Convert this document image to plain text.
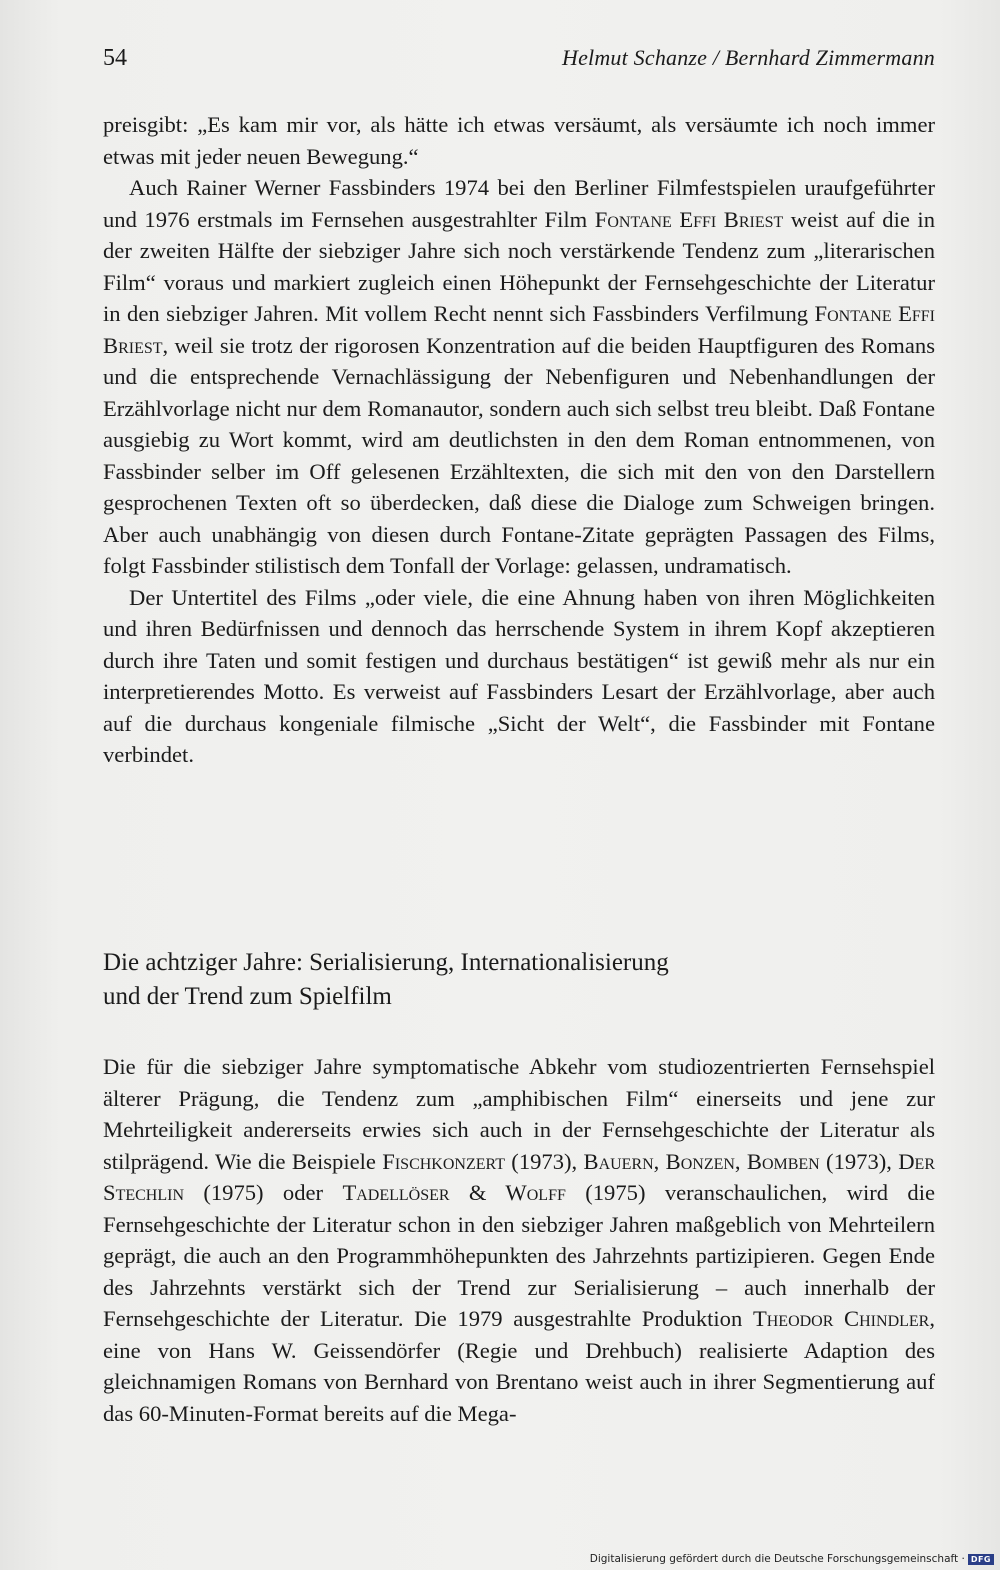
54	Helmut Schanze / Bernhard Zimmermann

preisgibt: „Es kam mir vor, als hätte ich etwas versäumt, als versäumte ich noch immer etwas mit jeder neuen Bewegung.“

Auch Rainer Werner Fassbinders 1974 bei den Berliner Filmfestspielen uraufgeführter und 1976 erstmals im Fernsehen ausgestrahlter Film Fontane Effi Briest weist auf die in der zweiten Hälfte der siebziger Jahre sich noch verstärkende Tendenz zum „literarischen Film“ voraus und markiert zugleich einen Höhepunkt der Fernsehgeschichte der Literatur in den siebziger Jahren. Mit vollem Recht nennt sich Fassbinders Verfilmung Fontane Effi Briest, weil sie trotz der rigorosen Konzentration auf die beiden Hauptfiguren des Romans und die entsprechende Vernachlässigung der Nebenfiguren und Nebenhandlungen der Erzählvorlage nicht nur dem Romanautor, sondern auch sich selbst treu bleibt. Daß Fontane ausgiebig zu Wort kommt, wird am deutlichsten in den dem Roman entnommenen, von Fassbinder selber im Off gelesenen Erzähltexten, die sich mit den von den Darstellern gesprochenen Texten oft so überdecken, daß diese die Dialoge zum Schweigen bringen. Aber auch unabhängig von diesen durch Fontane-Zitate geprägten Passagen des Films, folgt Fassbinder stilistisch dem Tonfall der Vorlage: gelassen, undramatisch.

Der Untertitel des Films „oder viele, die eine Ahnung haben von ihren Möglichkeiten und ihren Bedürfnissen und dennoch das herrschende System in ihrem Kopf akzeptieren durch ihre Taten und somit festigen und durchaus bestätigen“ ist gewiß mehr als nur ein interpretierendes Motto. Es verweist auf Fassbinders Lesart der Erzählvorlage, aber auch auf die durchaus kongeniale filmische „Sicht der Welt“, die Fassbinder mit Fontane verbindet.

Die achtziger Jahre: Serialisierung, Internationalisierung
und der Trend zum Spielfilm

Die für die siebziger Jahre symptomatische Abkehr vom studiozentrierten Fernsehspiel älterer Prägung, die Tendenz zum „amphibischen Film“ einerseits und jene zur Mehrteiligkeit andererseits erwies sich auch in der Fernsehgeschichte der Literatur als stilprägend. Wie die Beispiele Fischkonzert (1973), Bauern, Bonzen, Bomben (1973), Der Stechlin (1975) oder Tadellöser & Wolff (1975) veranschaulichen, wird die Fernsehgeschichte der Literatur schon in den siebziger Jahren maßgeblich von Mehrteilern geprägt, die auch an den Programmhöhepunkten des Jahrzehnts partizipieren. Gegen Ende des Jahrzehnts verstärkt sich der Trend zur Serialisierung – auch innerhalb der Fernsehgeschichte der Literatur. Die 1979 ausgestrahlte Produktion Theodor Chindler, eine von Hans W. Geissendörfer (Regie und Drehbuch) realisierte Adaption des gleichnamigen Romans von Bernhard von Brentano weist auch in ihrer Segmentierung auf das 60-Minuten-Format bereits auf die Mega-

Digitalisierung gefördert durch die Deutsche Forschungsgemeinschaft · DFG
